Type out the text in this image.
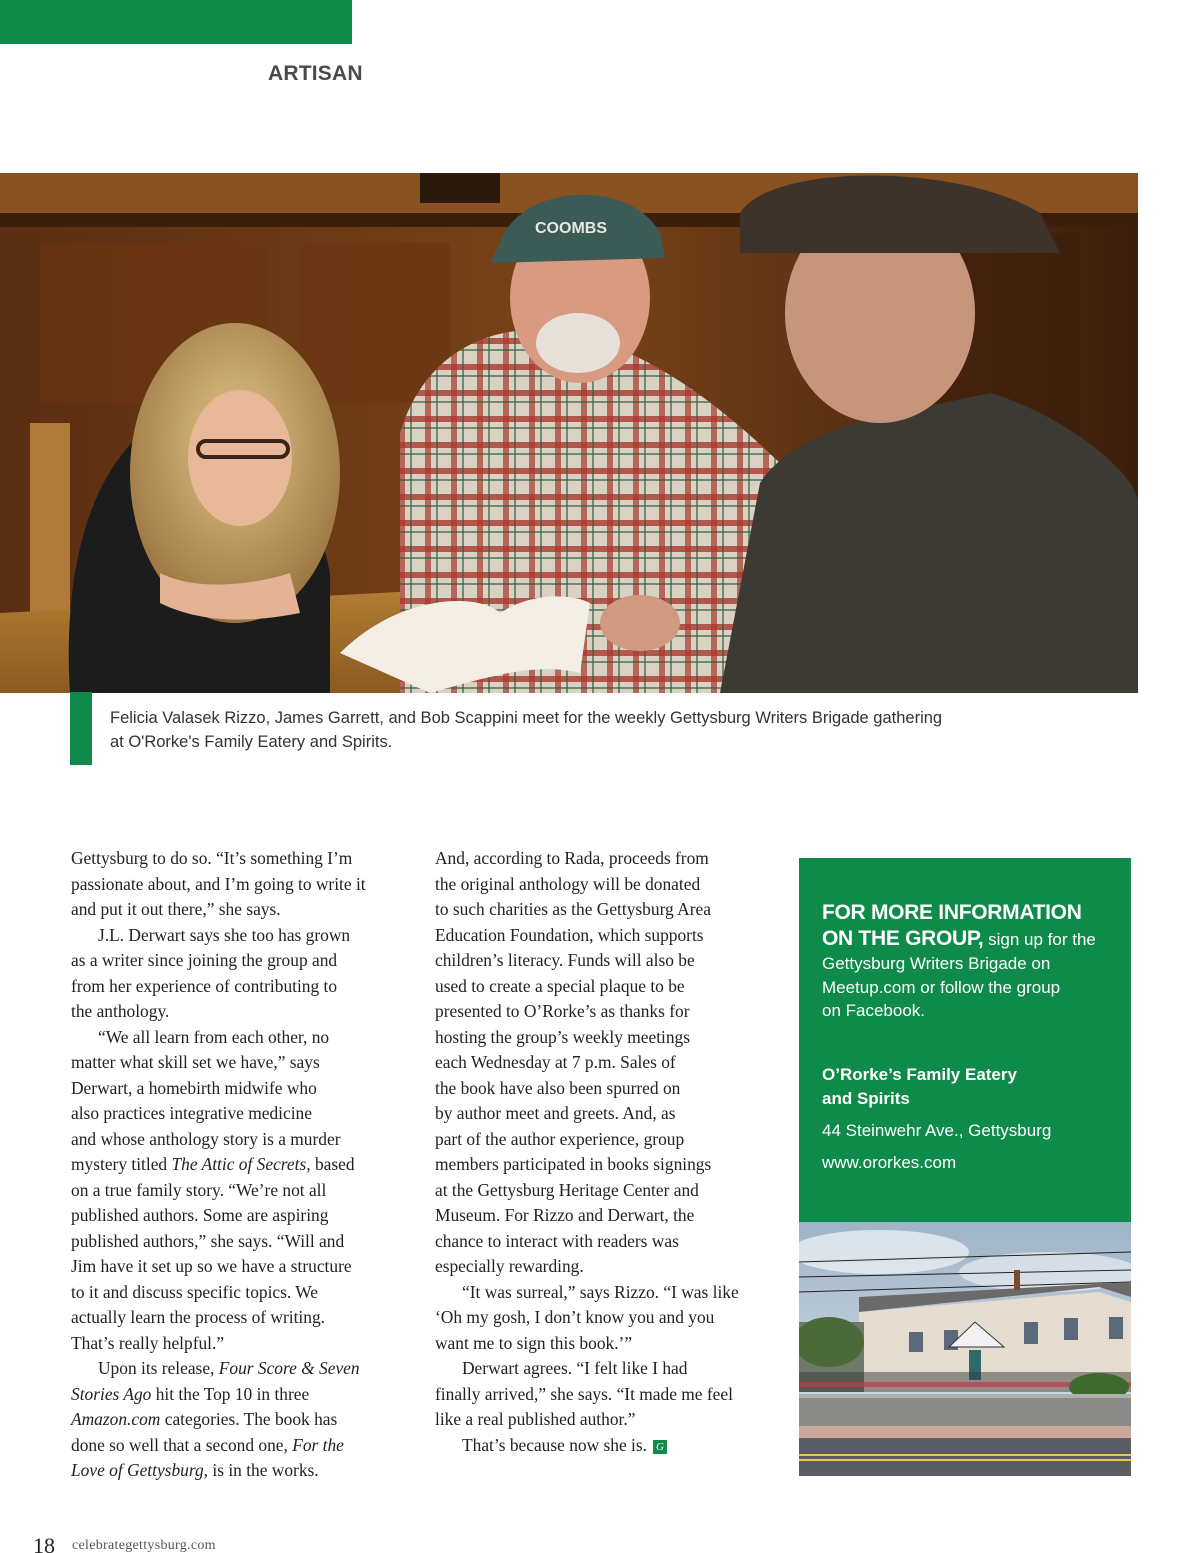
ARTISAN
COOMBS
Felicia Valasek Rizzo, James Garrett, and Bob Scappini meet for the weekly Gettysburg Writers Brigade gathering
at O'Rorke's Family Eatery and Spirits.
Gettysburg to do so. “It’s something I’m
passionate about, and I’m going to write it
and put it out there,” she says.
J.L. Derwart says she too has grown
as a writer since joining the group and
from her experience of contributing to
the anthology.
“We all learn from each other, no
matter what skill set we have,” says
Derwart, a homebirth midwife who
also practices integrative medicine
and whose anthology story is a murder
mystery titled The Attic of Secrets, based
on a true family story. “We’re not all
published authors. Some are aspiring
published authors,” she says. “Will and
Jim have it set up so we have a structure
to it and discuss specific topics. We
actually learn the process of writing.
That’s really helpful.”
Upon its release, Four Score & Seven
Stories Ago hit the Top 10 in three
Amazon.com categories. The book has
done so well that a second one, For the
Love of Gettysburg, is in the works.
And, according to Rada, proceeds from
the original anthology will be donated
to such charities as the Gettysburg Area
Education Foundation, which supports
children’s literacy. Funds will also be
used to create a special plaque to be
presented to O’Rorke’s as thanks for
hosting the group’s weekly meetings
each Wednesday at 7 p.m. Sales of
the book have also been spurred on
by author meet and greets. And, as
part of the author experience, group
members participated in books signings
at the Gettysburg Heritage Center and
Museum. For Rizzo and Derwart, the
chance to interact with readers was
especially rewarding.
“It was surreal,” says Rizzo. “I was like
‘Oh my gosh, I don’t know you and you
want me to sign this book.’”
Derwart agrees. “I felt like I had
finally arrived,” she says. “It made me feel
like a real published author.”
That’s because now she is. G
FOR MORE INFORMATION
ON THE GROUP, sign up for the
Gettysburg Writers Brigade on
Meetup.com or follow the group
on Facebook.
O’Rorke’s Family Eatery
and Spirits
44 Steinwehr Ave., Gettysburg
www.ororkes.com
18 celebrategettysburg.com
